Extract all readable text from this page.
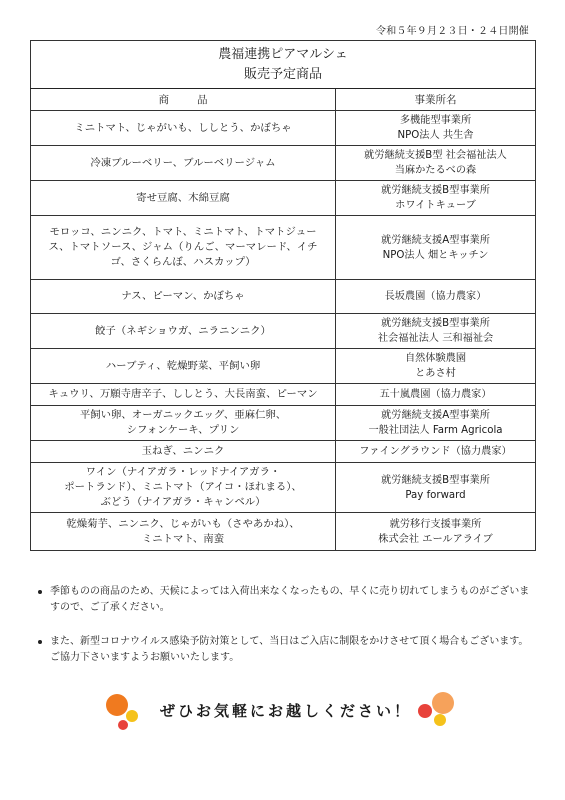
令和５年９月２３日・２４日開催
農福連携ピアマルシェ
販売予定商品	

商品	事業所名

ミニトマト、じゃがいも、ししとう、かぼちゃ	多機能型事業所
NPO法人 共生舎

冷凍ブルーベリー、ブルーベリージャム	就労継続支援B型 社会福祉法人
当麻かたるべの森

寄せ豆腐、木綿豆腐	就労継続支援B型事業所
ホワイトキューブ

モロッコ、ニンニク、トマト、ミニトマト、トマトジュー
ス、トマトソース、ジャム（りんご、マーマレード、イチ
ゴ、さくらんぼ、ハスカップ）	就労継続支援A型事業所
NPO法人 畑とキッチン

ナス、ピーマン、かぼちゃ	長坂農園（協力農家）

餃子（ネギショウガ、ニラニンニク）	就労継続支援B型事業所
社会福祉法人 三和福祉会

ハーブティ、乾燥野菜、平飼い卵	自然体験農園
とあさ村

キュウリ、万願寺唐辛子、ししとう、大長南蛮、ピーマン	五十嵐農園（協力農家）

平飼い卵、オーガニックエッグ、亜麻仁卵、
シフォンケーキ、プリン	就労継続支援A型事業所
一般社団法人 Farm Agricola

玉ねぎ、ニンニク	ファイングラウンド（協力農家）

ワイン（ナイアガラ・レッドナイアガラ・
ポートランド）、ミニトマト（アイコ・ほれまる）、
ぶどう（ナイアガラ・キャンベル）	就労継続支援B型事業所
Pay forward

乾燥菊芋、ニンニク、じゃがいも（さやあかね）、
ミニトマト、南蛮	就労移行支援事業所
株式会社 エールアライブ
季節ものの商品のため、天候によっては入荷出来なくなったもの、早くに売り切れてしまうものがございますので、ご了承ください。
また、新型コロナウイルス感染予防対策として、当日はご入店に制限をかけさせて頂く場合もございます。ご協力下さいますようお願いいたします。
ぜひお気軽にお越しください！
